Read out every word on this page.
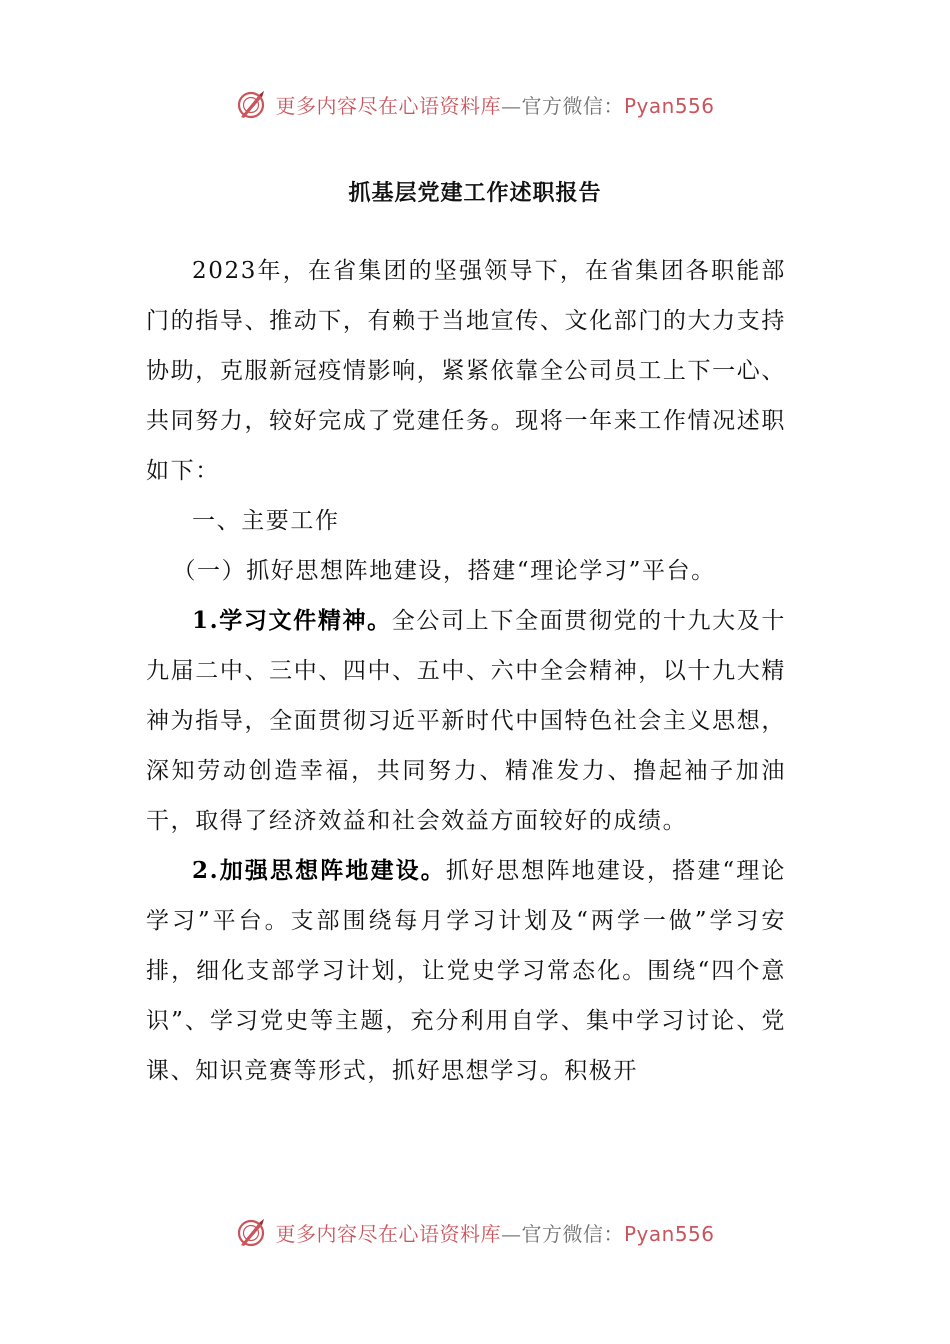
更多内容尽在心语资料库—官方微信：Pyan556
抓基层党建工作述职报告

2023年，在省集团的坚强领导下，在省集团各职能部门的指导、推动下，有赖于当地宣传、文化部门的大力支持协助，克服新冠疫情影响，紧紧依靠全公司员工上下一心、共同努力，较好完成了党建任务。现将一年来工作情况述职如下：

一、主要工作

（一）抓好思想阵地建设，搭建“理论学习”平台。

1.学习文件精神。全公司上下全面贯彻党的十九大及十九届二中、三中、四中、五中、六中全会精神，以十九大精神为指导，全面贯彻习近平新时代中国特色社会主义思想，深知劳动创造幸福，共同努力、精准发力、撸起袖子加油干，取得了经济效益和社会效益方面较好的成绩。

2.加强思想阵地建设。抓好思想阵地建设，搭建“理论学习”平台。支部围绕每月学习计划及“两学一做”学习安排，细化支部学习计划，让党史学习常态化。围绕“四个意识”、学习党史等主题，充分利用自学、集中学习讨论、党课、知识竞赛等形式，抓好思想学习。积极开

更多内容尽在心语资料库—官方微信：Pyan556
